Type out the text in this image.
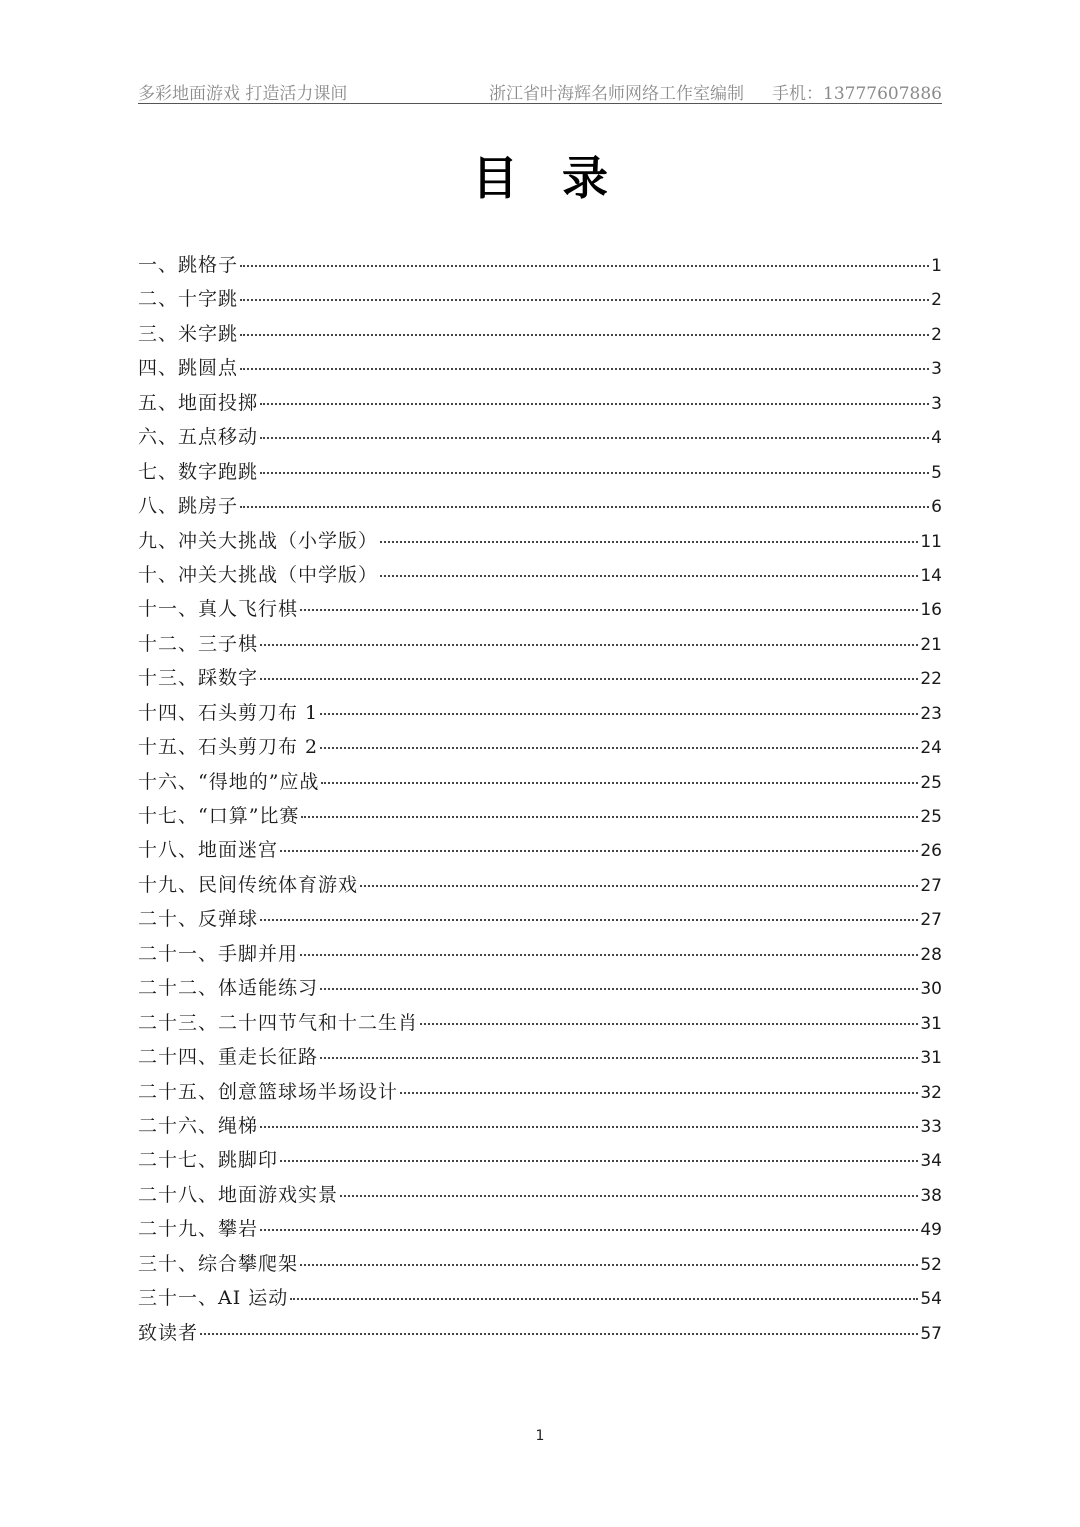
多彩地面游戏 打造活力课间	浙江省叶海辉名师网络工作室编制 手机：13777607886
目录
一、跳格子	1
二、十字跳	2
三、米字跳	2
四、跳圆点	3
五、地面投掷	3
六、五点移动	4
七、数字跑跳	5
八、跳房子	6
九、冲关大挑战（小学版）	11
十、冲关大挑战（中学版）	14
十一、真人飞行棋	16
十二、三子棋	21
十三、踩数字	22
十四、石头剪刀布 1	23
十五、石头剪刀布 2	24
十六、“得地的”应战	25
十七、“口算”比赛	25
十八、地面迷宫	26
十九、民间传统体育游戏	27
二十、反弹球	27
二十一、手脚并用	28
二十二、体适能练习	30
二十三、二十四节气和十二生肖	31
二十四、重走长征路	31
二十五、创意篮球场半场设计	32
二十六、绳梯	33
二十七、跳脚印	34
二十八、地面游戏实景	38
二十九、攀岩	49
三十、综合攀爬架	52
三十一、AI 运动	54
致读者	57
1
